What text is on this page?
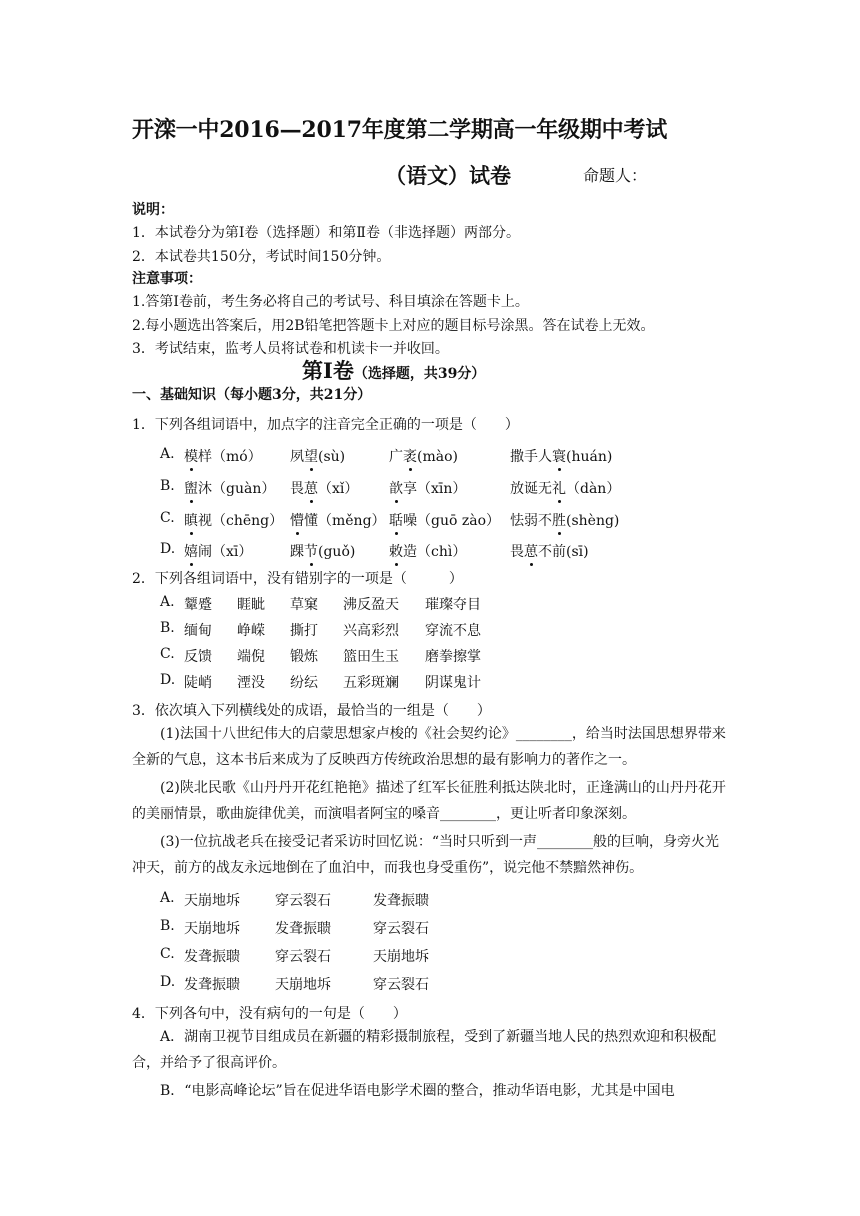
开滦一中2016—2017年度第二学期高一年级期中考试
（语文）试卷	命题人：
说明：
1．本试卷分为第Ⅰ卷（选择题）和第Ⅱ卷（非选择题）两部分。
2．本试卷共150分，考试时间150分钟。
注意事项：
1.答第Ⅰ卷前，考生务必将自己的考试号、科目填涂在答题卡上。
2.每小题选出答案后，用2B铅笔把答题卡上对应的题目标号涂黑。答在试卷上无效。
3．考试结束，监考人员将试卷和机读卡一并收回。
第Ⅰ卷（选择题，共39分）
一、基础知识（每小题3分，共21分）
1．下列各组词语中，加点字的注音完全正确的一项是（　　）
A. 模样（mó） 夙望(sù)	广袤(mào)	撒手人寰(huán)
B. 盥沐（guàn） 畏葸（xǐ） 歆享（xīn）	放诞无礼（dàn）
C. 瞋视（chēng） 懵懂（měng） 聒噪（guō zào） 怯弱不胜(shèng)
D. 嬉闹（xī）	踝节(guǒ) 敕造（chì）	畏葸不前(sī)
2．下列各组词语中，没有错别字的一项是（　　　）
A. 颦蹙 睚眦 草窠 沸反盈天 璀璨夺目
B. 缅甸 峥嵘 撕打 兴高彩烈 穿流不息
C. 反馈 端倪 锻炼 篮田生玉 磨拳擦掌
D. 陡峭 湮没 纷纭 五彩斑斓 阴谋鬼计
3．依次填入下列横线处的成语，最恰当的一组是（　　）
(1)法国十八世纪伟大的启蒙思想家卢梭的《社会契约论》________，给当时法国思想界带来全新的气息，这本书后来成为了反映西方传统政治思想的最有影响力的著作之一。
(2)陕北民歌《山丹丹开花红艳艳》描述了红军长征胜利抵达陕北时，正逢满山的山丹丹花开的美丽情景，歌曲旋律优美，而演唱者阿宝的嗓音________，更让听者印象深刻。
(3)一位抗战老兵在接受记者采访时回忆说：“当时只听到一声________般的巨响，身旁火光冲天，前方的战友永远地倒在了血泊中，而我也身受重伤”，说完他不禁黯然神伤。
A. 天崩地坼	穿云裂石	发聋振聩
B. 天崩地坼	发聋振聩	穿云裂石
C. 发聋振聩	穿云裂石	天崩地坼
D. 发聋振聩	天崩地坼	穿云裂石
4．下列各句中，没有病句的一句是（　　）
A．湖南卫视节目组成员在新疆的精彩摄制旅程，受到了新疆当地人民的热烈欢迎和积极配合，并给予了很高评价。
B．“电影高峰论坛”旨在促进华语电影学术圈的整合，推动华语电影，尤其是中国电
